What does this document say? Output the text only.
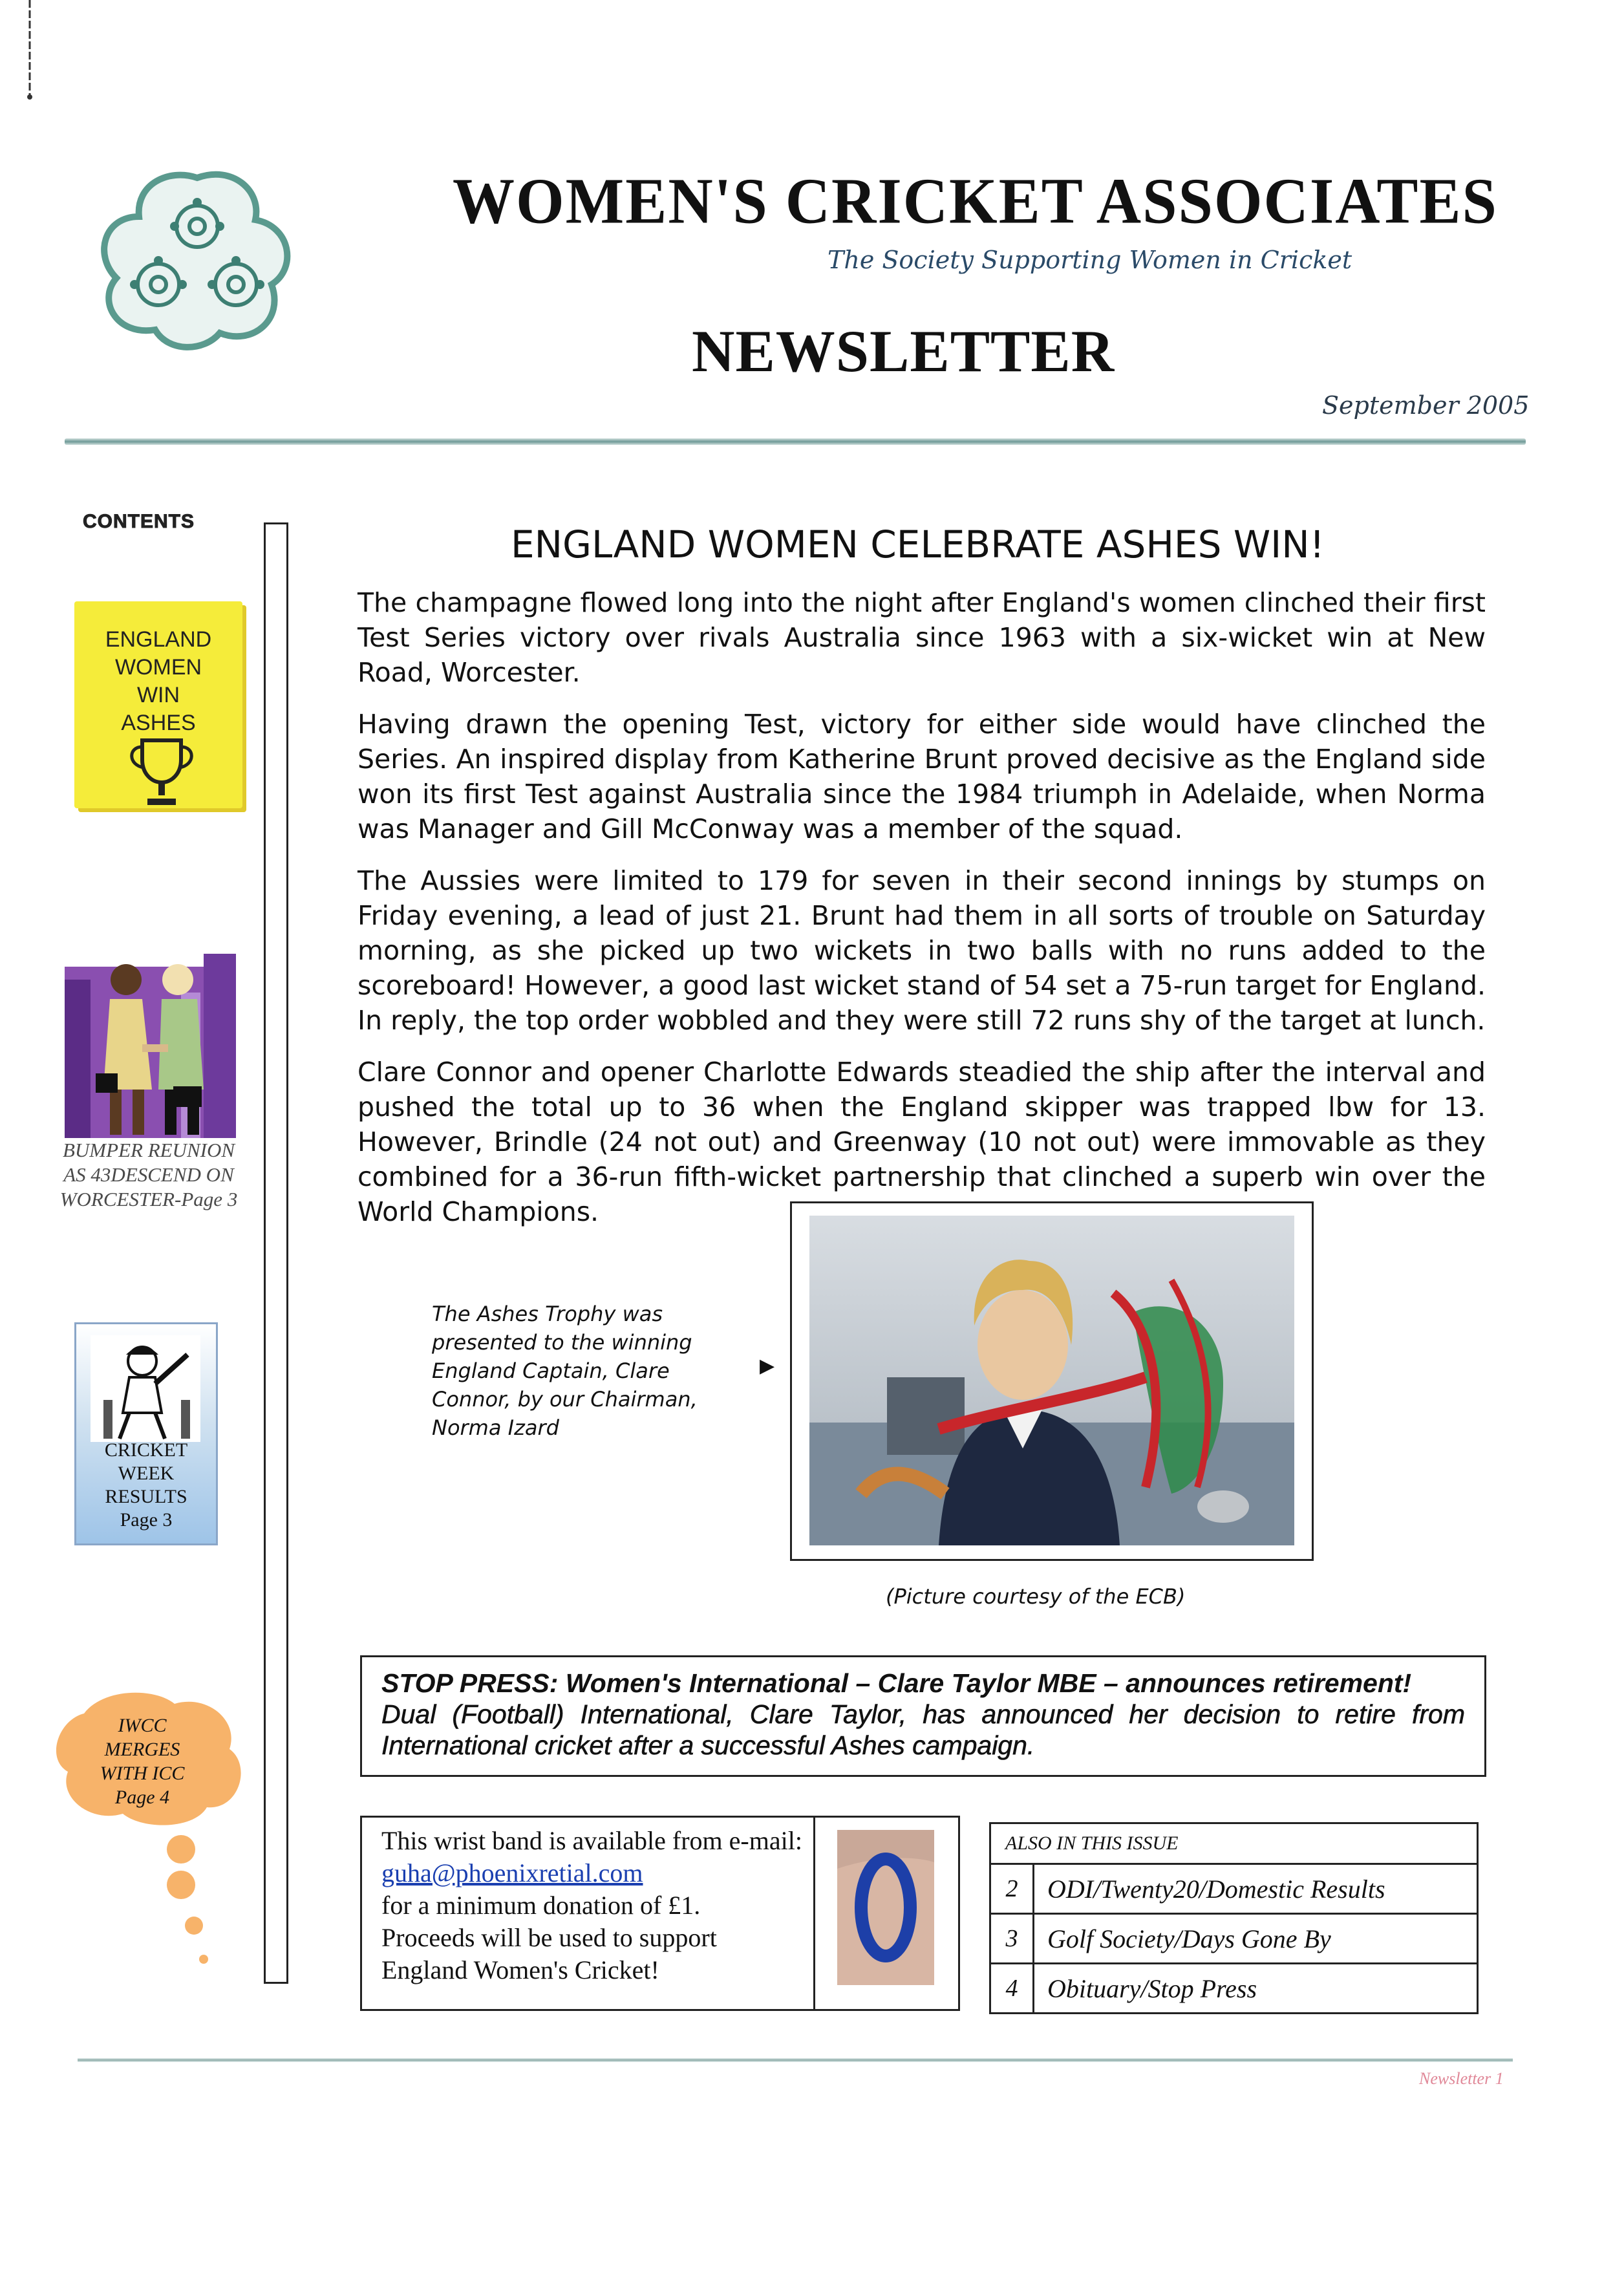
WOMEN'S CRICKET ASSOCIATES
The Society Supporting Women in Cricket
NEWSLETTER
September 2005
CONTENTS
ENGLAND
WOMEN
WIN
ASHES
BUMPER REUNION
AS 43DESCEND ON
WORCESTER-Page 3
CRICKET
WEEK
RESULTS
Page 3
IWCC
MERGES
WITH ICC
Page 4
ENGLAND WOMEN CELEBRATE ASHES WIN!

The champagne flowed long into the night after England's women clinched their first Test Series victory over rivals Australia since 1963 with a six-wicket win at New Road, Worcester.

Having drawn the opening Test, victory for either side would have clinched the Series. An inspired display from Katherine Brunt proved decisive as the England side won its first Test against Australia since the 1984 triumph in Adelaide, when Norma was Manager and Gill McConway was a member of the squad.

The Aussies were limited to 179 for seven in their second innings by stumps on Friday evening, a lead of just 21. Brunt had them in all sorts of trouble on Saturday morning, as she picked up two wickets in two balls with no runs added to the scoreboard! However, a good last wicket stand of 54 set a 75-run target for England. In reply, the top order wobbled and they were still 72 runs shy of the target at lunch.

Clare Connor and opener Charlotte Edwards steadied the ship after the interval and pushed the total up to 36 when the England skipper was trapped lbw for 13. However, Brindle (24 not out) and Greenway (10 not out) were immovable as they combined for a 36-run fifth-wicket partnership that clinched a superb win over the World Champions.

The Ashes Trophy was presented to the winning England Captain, Clare Connor, by our Chairman, Norma Izard
▶
(Picture courtesy of the ECB)
STOP PRESS: Women's International – Clare Taylor MBE – announces retirement!
Dual (Football) International, Clare Taylor, has announced her decision to retire from International cricket after a successful Ashes campaign.
This wrist band is available from e-mail:
guha@phoenixretial.com
for a minimum donation of £1.
Proceeds will be used to support
England Women's Cricket!
ALSO IN THIS ISSUE	
2	ODI/Twenty20/Domestic Results
3	Golf Society/Days Gone By
4	Obituary/Stop Press
Newsletter 1
